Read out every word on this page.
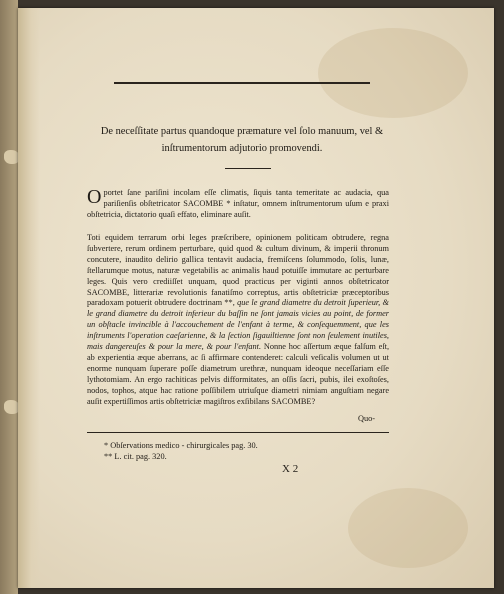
De neceſſitate partus quandoque præmature vel ſolo manuum, vel & inſtrumentorum adjutorio promovendi.
Oportet ſane pariſini incolam eſſe climatis, ſiquis tanta temeritate ac audacia, qua pariſienſis obſtetricator SACOMBE * inſtatur, omnem inſtrumentorum uſum e praxi obſtetricia, dictatorio quaſi effato, eliminare auſit.
Toti equidem terrarum orbi leges præſcribere, opinionem politicam obtrudere, regna ſubvertere, rerum ordinem perturbare, quid quod & cultum divinum, & imperii thronum concutere, inaudito delirio gallica tentavit audacia, fremiſcens ſolummodo, ſolis, lunæ, ſtellarumque motus, naturæ vegetabilis ac animalis haud potuiſſe immutare ac perturbare leges. Quis vero crediiſſet unquam, quod practicus per viginti annos obſtetricator SACOMBE, litterariæ revolutionis fanatiſmo correptus, artis obſtetriciæ præceptoribus paradoxam potuerit obtrudere doctrinam **, que le grand diametre du detroit ſuperieur, & le grand diametre du detroit inferieur du baſſin ne ſont jamais vicies au point, de former un obſtacle invincible à l'accouchement de l'enfant à terme, & conſequemment, que les inſtruments l'operation caeſarienne, & la ſection ſigauiltienne ſont non ſeulement inutiles, mais dangereuſes & pour la mere, & pour l'enfant. Nonne hoc aſſertum æque falſum eſt, ab experientia æque aberrans, ac ſi affirmare contenderet: calculi veſicalis volumen ut ut enorme nunquam ſuperare poſſe diametrum urethræ, nunquam ideoque neceſſariam eſſe lythotomiam. An ergo rachiticas pelvis difformitates, an oſſis ſacri, pubis, ilei exoſtoſes, nodos, tophos, atque hac ratione poſſibilem utriuſque diametri nimiam anguſtiam negare auſit expertiſſimos artis obſtetriciæ magiſtros exſibilans SACOMBE?
Quo-
* Obſervations medico - chirurgicales pag. 30.
** L. cit. pag. 320.
X 2
